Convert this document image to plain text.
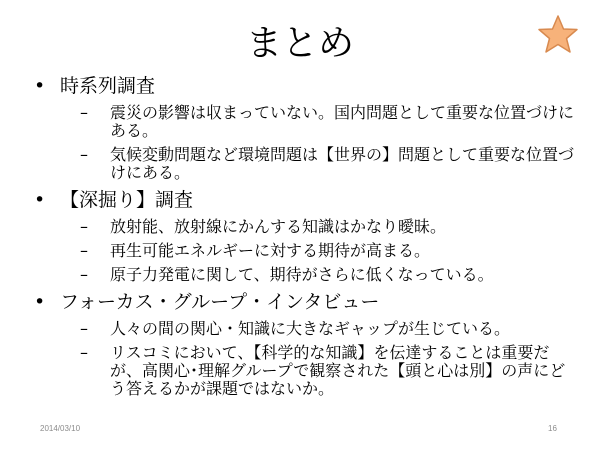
まとめ
• 時系列調査
– 震災の影響は収まっていない。国内問題として重要な位置づけにある。
– 気候変動問題など環境問題は【世界の】問題として重要な位置づけにある。
• 【深掘り】調査
– 放射能、放射線にかんする知識はかなり曖昧。
– 再生可能エネルギーに対する期待が高まる。
– 原子力発電に関して、期待がさらに低くなっている。
• フォーカス・グループ・インタビュー
– 人々の間の関心・知識に大きなギャップが生じている。
– リスコミにおいて、【科学的な知識】を伝達することは重要だが、高関心･理解グループで観察された【頭と心は別】の声にどう答えるかが課題ではないか。
2014/03/10	16
